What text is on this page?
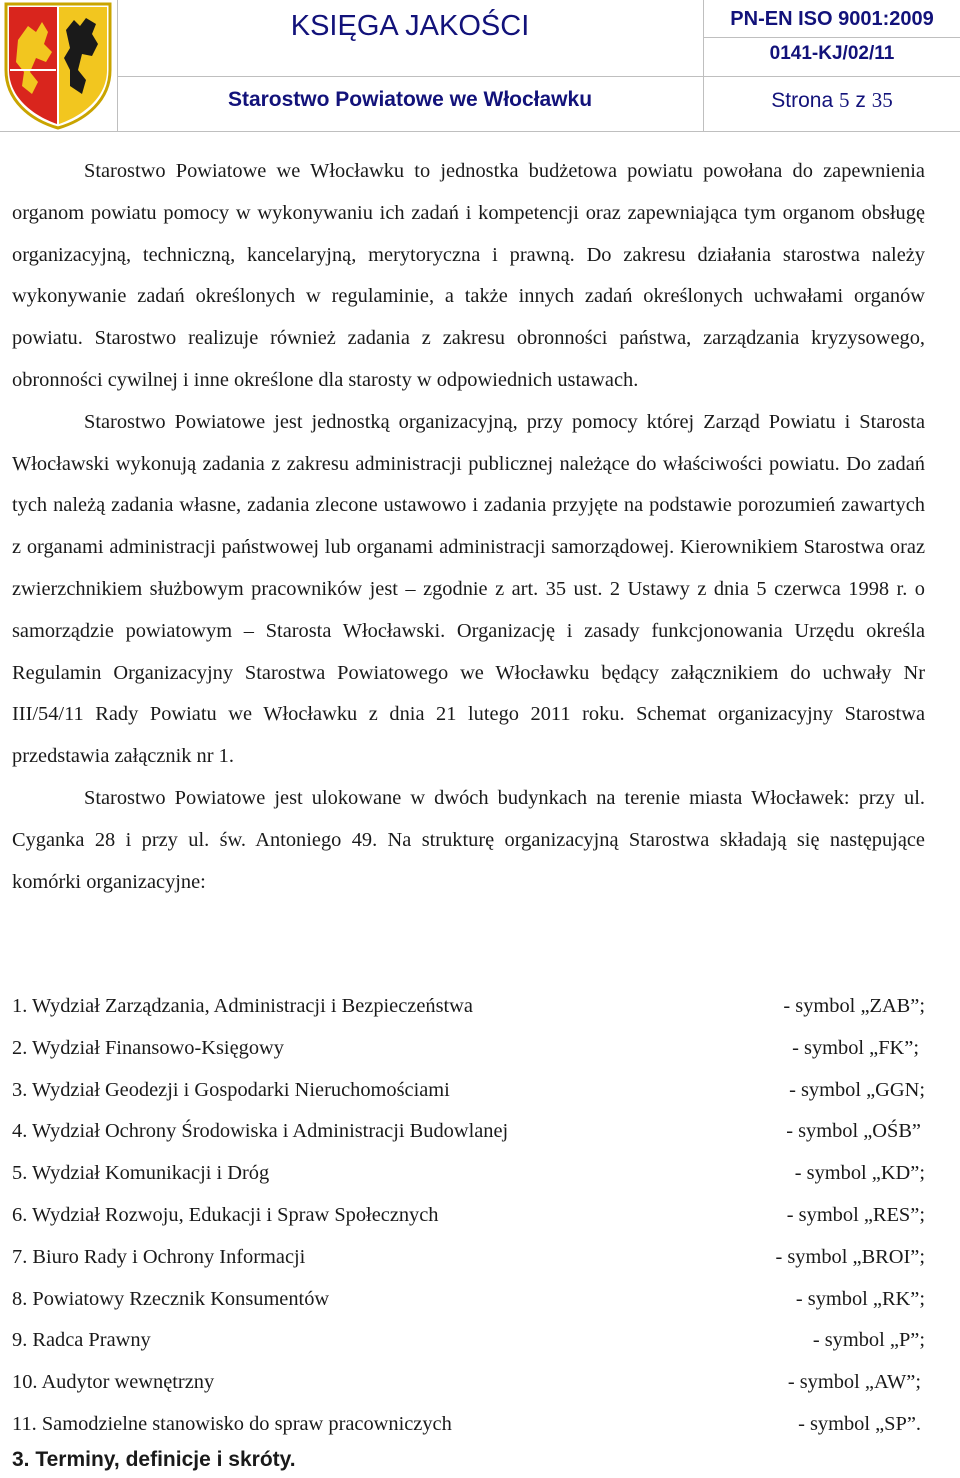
KSIĘGA JAKOŚCI	PN-EN ISO 9001:2009
0141-KJ/02/11
Starostwo Powiatowe we Włocławku	Strona 5 z 35

Starostwo Powiatowe we Włocławku to jednostka budżetowa powiatu powołana do zapewnienia organom powiatu pomocy w wykonywaniu ich zadań i kompetencji oraz zapewniająca tym organom obsługę organizacyjną, techniczną, kancelaryjną, merytoryczna i prawną. Do zakresu działania starostwa należy wykonywanie zadań określonych w regulaminie, a także innych zadań określonych uchwałami organów powiatu. Starostwo realizuje również zadania z zakresu obronności państwa, zarządzania kryzysowego, obronności cywilnej i inne określone dla starosty w odpowiednich ustawach.

Starostwo Powiatowe jest jednostką organizacyjną, przy pomocy której Zarząd Powiatu i Starosta Włocławski wykonują zadania z zakresu administracji publicznej należące do właściwości powiatu. Do zadań tych należą zadania własne, zadania zlecone ustawowo i zadania przyjęte na podstawie porozumień zawartych z organami administracji państwowej lub organami administracji samorządowej. Kierownikiem Starostwa oraz zwierzchnikiem służbowym pracowników jest – zgodnie z art. 35 ust. 2 Ustawy z dnia 5 czerwca 1998 r. o samorządzie powiatowym – Starosta Włocławski. Organizację i zasady funkcjonowania Urzędu określa Regulamin Organizacyjny Starostwa Powiatowego we Włocławku będący załącznikiem do uchwały Nr III/54/11 Rady Powiatu we Włocławku z dnia 21 lutego 2011 roku. Schemat organizacyjny Starostwa przedstawia załącznik nr 1.

Starostwo Powiatowe jest ulokowane w dwóch budynkach na terenie miasta Włocławek: przy ul. Cyganka 28 i przy ul. św. Antoniego 49. Na strukturę organizacyjną Starostwa składają się następujące komórki organizacyjne:

1. Wydział Zarządzania, Administracji i Bezpieczeństwa	- symbol „ZAB”;
2. Wydział Finansowo-Księgowy	- symbol „FK”;
3. Wydział Geodezji i Gospodarki Nieruchomościami	- symbol „GGN;
4. Wydział Ochrony Środowiska i Administracji Budowlanej	- symbol „OŚB”
5. Wydział Komunikacji i Dróg	- symbol „KD”;
6. Wydział Rozwoju, Edukacji i Spraw Społecznych	- symbol „RES”;
7. Biuro Rady i Ochrony Informacji	- symbol „BROI”;
8. Powiatowy Rzecznik Konsumentów	- symbol „RK”;
9. Radca Prawny	- symbol „P”;
10. Audytor wewnętrzny	- symbol „AW”;
11. Samodzielne stanowisko do spraw pracowniczych	- symbol „SP”.
3. Terminy, definicje i skróty.
